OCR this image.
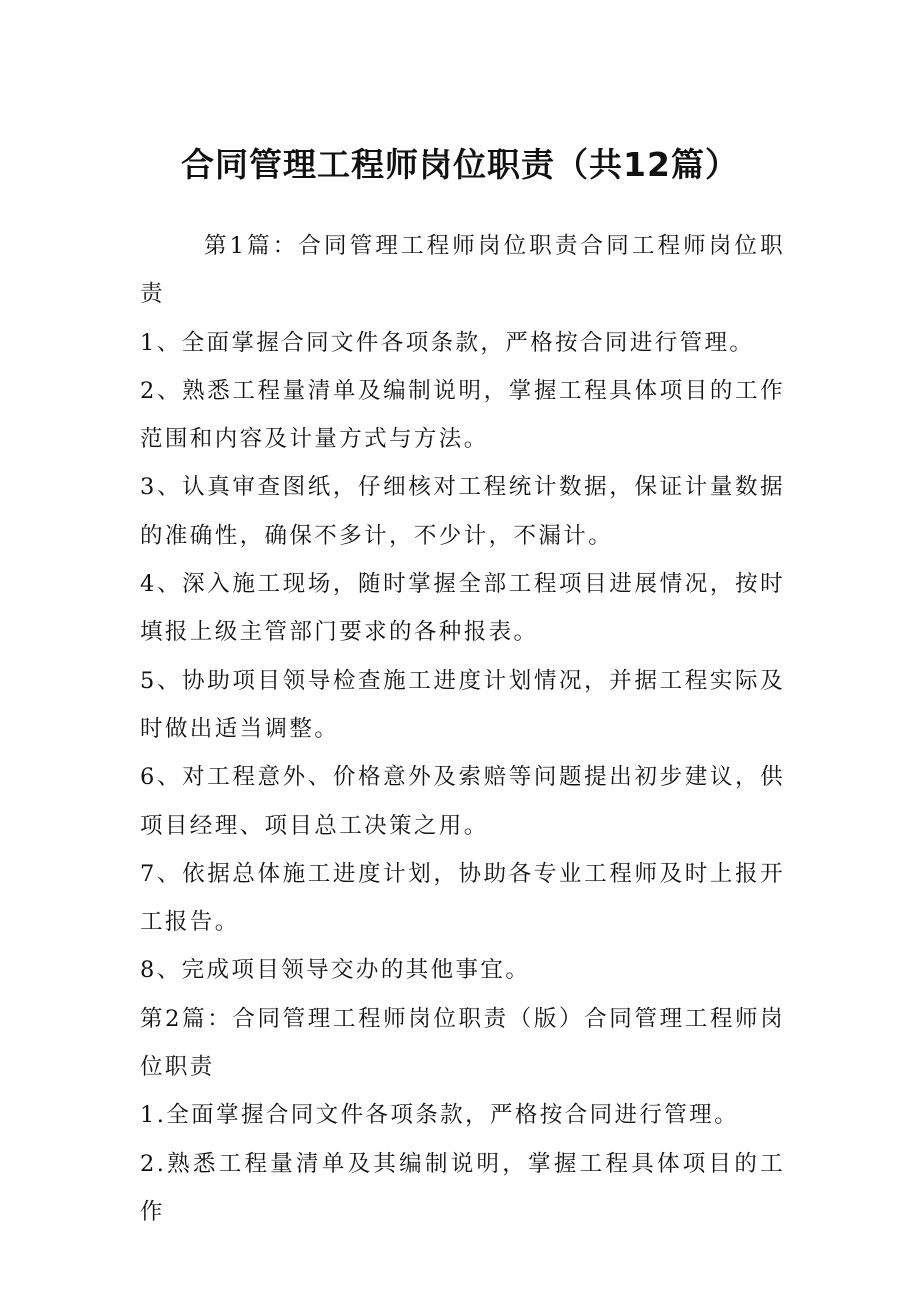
合同管理工程师岗位职责（共12篇）

第1篇：合同管理工程师岗位职责合同工程师岗位职责

1、全面掌握合同文件各项条款，严格按合同进行管理。

2、熟悉工程量清单及编制说明，掌握工程具体项目的工作范围和内容及计量方式与方法。

3、认真审查图纸，仔细核对工程统计数据，保证计量数据的准确性，确保不多计，不少计，不漏计。

4、深入施工现场，随时掌握全部工程项目进展情况，按时填报上级主管部门要求的各种报表。

5、协助项目领导检查施工进度计划情况，并据工程实际及时做出适当调整。

6、对工程意外、价格意外及索赔等问题提出初步建议，供项目经理、项目总工决策之用。

7、依据总体施工进度计划，协助各专业工程师及时上报开工报告。

8、完成项目领导交办的其他事宜。

第2篇：合同管理工程师岗位职责（版）合同管理工程师岗位职责

1.全面掌握合同文件各项条款，严格按合同进行管理。

2.熟悉工程量清单及其编制说明，掌握工程具体项目的工作
